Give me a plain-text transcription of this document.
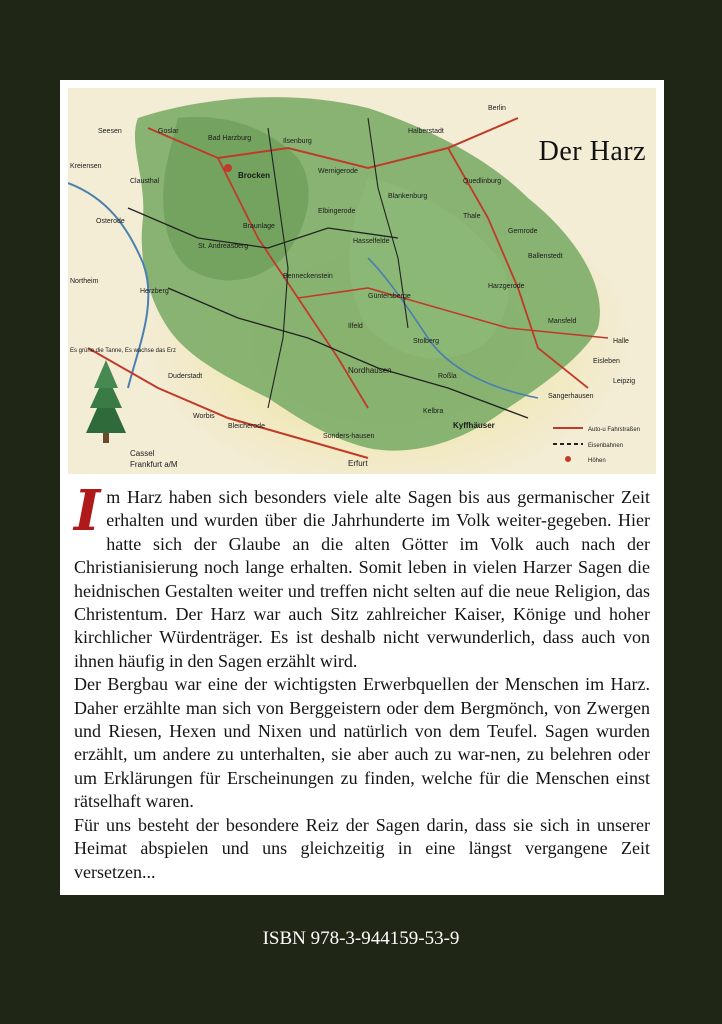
Goslar
Brocken	Wernigerode
Quedlinburg
Halberstadt
Ilsenburg
Bad Harzburg
Clausthal
Osterode
Herzberg
St. Andreasberg
Braunlage
Elbingerode
Blankenburg
Thale
Gernrode
Ballenstedt
Hasselfelde
Güntersberge
Harzgerode
Mansfeld
Eisleben
Stolberg
Nordhausen
Ilfeld
Roßla
Sangerhausen
Kelbra
Kyffhäuser
Sonders-hausen
Erfurt
Cassel
Frankfurt a/M
Worbis
Duderstadt
Northeim
Kreiensen
Berlin
Leipzig
Halle
Bleicherode
Seesen
Benneckenstein
Es grüne die Tanne, Es wachse das Erz
Auto-u Fahrstraßen
Eisenbahnen
Höhen
Der Harz
I m Harz haben sich besonders viele alte Sagen bis aus germanischer Zeit erhalten und wurden über die Jahrhunderte im Volk weiter-gegeben. Hier hatte sich der Glaube an die alten Götter im Volk auch nach der Christianisierung noch lange erhalten. Somit leben in vielen Harzer Sagen die heidnischen Gestalten weiter und treffen nicht selten auf die neue Religion, das Christentum. Der Harz war auch Sitz zahlreicher Kaiser, Könige und hoher kirchlicher Würdenträger. Es ist deshalb nicht verwunderlich, dass auch von ihnen häufig in den Sagen erzählt wird.

Der Bergbau war eine der wichtigsten Erwerbquellen der Menschen im Harz. Daher erzählte man sich von Berggeistern oder dem Bergmönch, von Zwergen und Riesen, Hexen und Nixen und natürlich von dem Teufel. Sagen wurden erzählt, um andere zu unterhalten, sie aber auch zu war-nen, zu belehren oder um Erklärungen für Erscheinungen zu finden, welche für die Menschen einst rätselhaft waren.

Für uns besteht der besondere Reiz der Sagen darin, dass sie sich in unserer Heimat abspielen und uns gleichzeitig in eine längst vergangene Zeit versetzen...

ISBN 978-3-944159-53-9
